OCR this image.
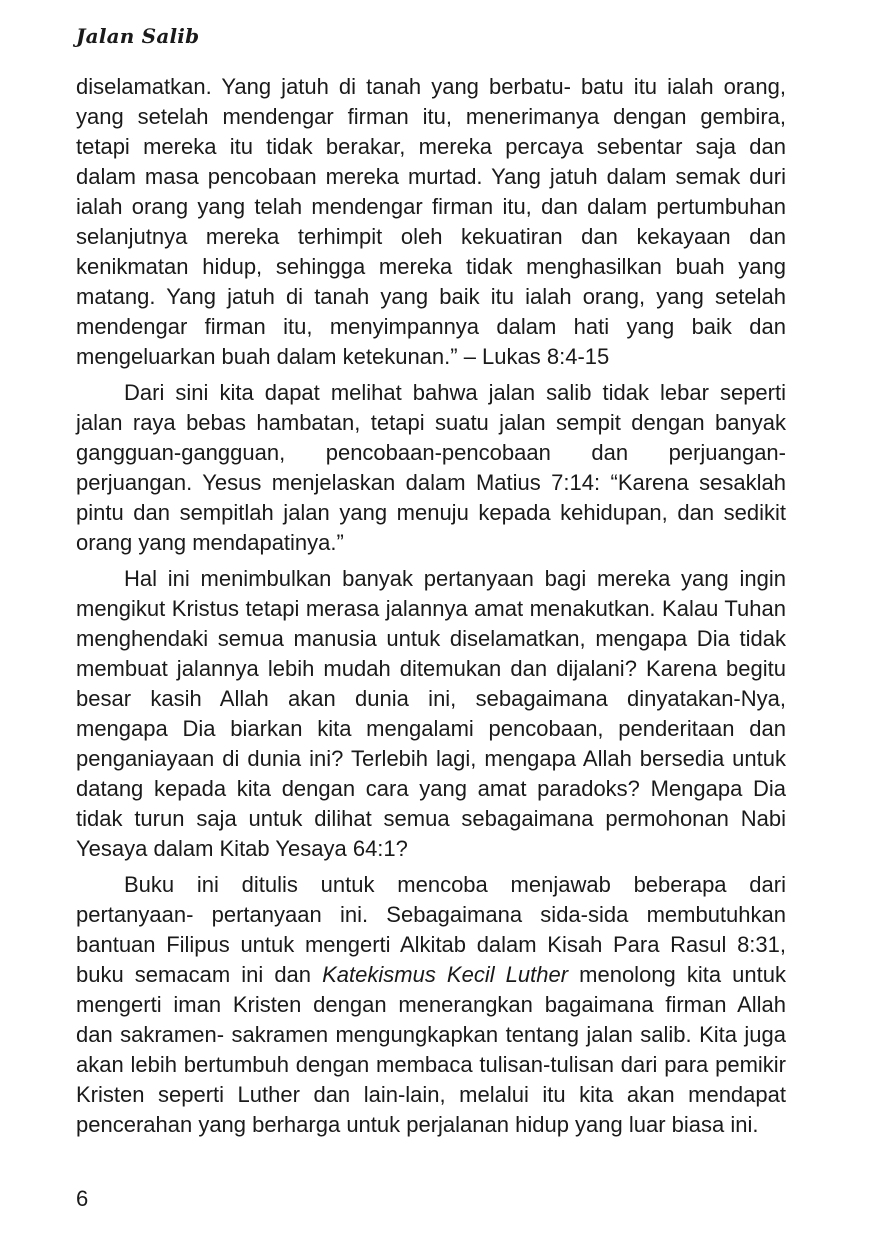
Jalan Salib

diselamatkan. Yang jatuh di tanah yang berbatu- batu itu ialah orang, yang setelah mendengar firman itu, menerimanya dengan gembira, tetapi mereka itu tidak berakar, mereka percaya sebentar saja dan dalam masa pencobaan mereka murtad. Yang jatuh dalam semak duri ialah orang yang telah mendengar firman itu, dan dalam pertumbuhan selanjutnya mereka terhimpit oleh kekuatiran dan kekayaan dan kenikmatan hidup, sehingga mereka tidak menghasilkan buah yang matang. Yang jatuh di tanah yang baik itu ialah orang, yang setelah mendengar firman itu, menyimpannya dalam hati yang baik dan mengeluarkan buah dalam ketekunan.” – Lukas 8:4-15

Dari sini kita dapat melihat bahwa jalan salib tidak lebar seperti jalan raya bebas hambatan, tetapi suatu jalan sempit dengan banyak gangguan-gangguan, pencobaan-pencobaan dan perjuangan-perjuangan. Yesus menjelaskan dalam Matius 7:14: “Karena sesaklah pintu dan sempitlah jalan yang menuju kepada kehidupan, dan sedikit orang yang mendapatinya.”

Hal ini menimbulkan banyak pertanyaan bagi mereka yang ingin mengikut Kristus tetapi merasa jalannya amat menakutkan. Kalau Tuhan menghendaki semua manusia untuk diselamatkan, mengapa Dia tidak membuat jalannya lebih mudah ditemukan dan dijalani? Karena begitu besar kasih Allah akan dunia ini, sebagaimana dinyatakan-Nya, mengapa Dia biarkan kita mengalami pencobaan, penderitaan dan penganiayaan di dunia ini? Terlebih lagi, mengapa Allah bersedia untuk datang kepada kita dengan cara yang amat paradoks? Mengapa Dia tidak turun saja untuk dilihat semua sebagaimana permohonan Nabi Yesaya dalam Kitab Yesaya 64:1?

Buku ini ditulis untuk mencoba menjawab beberapa dari pertanyaan- pertanyaan ini. Sebagaimana sida-sida membutuhkan bantuan Filipus untuk mengerti Alkitab dalam Kisah Para Rasul 8:31, buku semacam ini dan Katekismus Kecil Luther menolong kita untuk mengerti iman Kristen dengan menerangkan bagaimana firman Allah dan sakramen- sakramen mengungkapkan tentang jalan salib. Kita juga akan lebih bertumbuh dengan membaca tulisan-tulisan dari para pemikir Kristen seperti Luther dan lain-lain, melalui itu kita akan mendapat pencerahan yang berharga untuk perjalanan hidup yang luar biasa ini.

6
